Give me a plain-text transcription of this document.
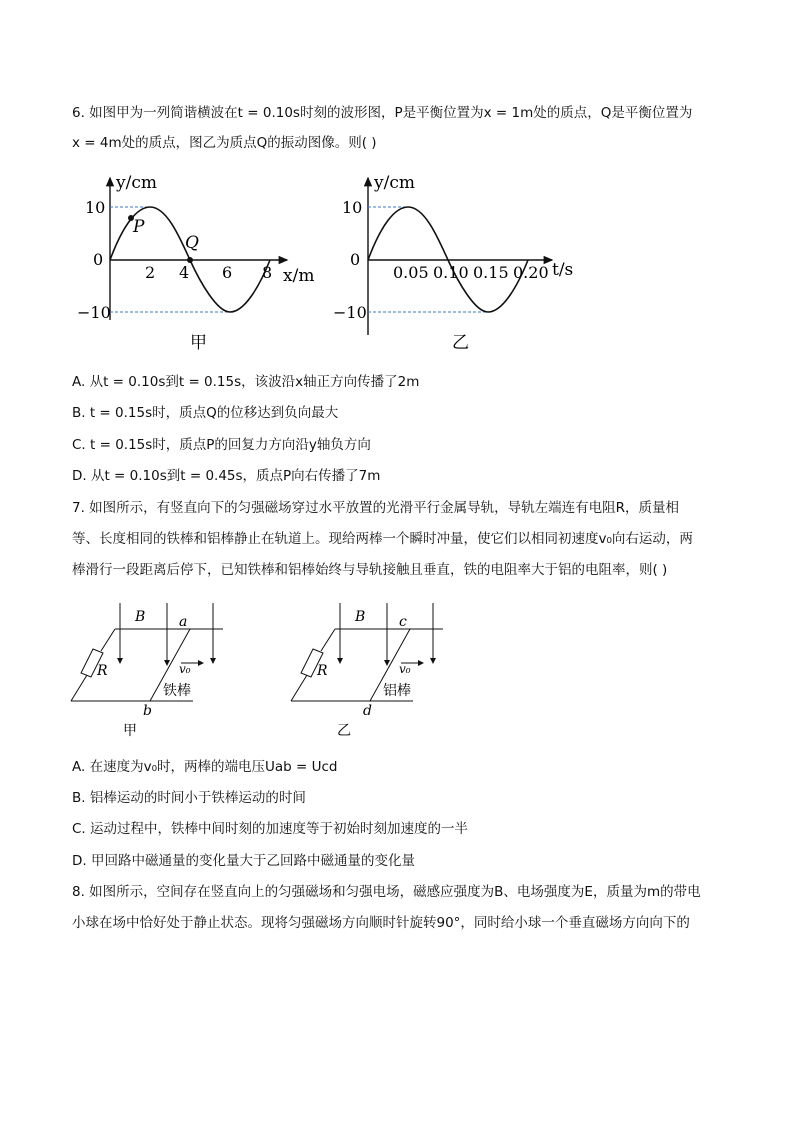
6. 如图甲为一列简谐横波在t = 0.10s时刻的波形图，P是平衡位置为x = 1m处的质点，Q是平衡位置为
x = 4m处的质点，图乙为质点Q的振动图像。则( )
P
Q
y/cm
x/m
10
0
−10
2 4 6 8
甲
y/cm
t/s
10
0
−10
0.05 0.10 0.15 0.20
乙
A. 从t = 0.10s到t = 0.15s，该波沿x轴正方向传播了2m
B. t = 0.15s时，质点Q的位移达到负向最大
C. t = 0.15s时，质点P的回复力方向沿y轴负方向
D. 从t = 0.10s到t = 0.45s，质点P向右传播了7m
7. 如图所示，有竖直向下的匀强磁场穿过水平放置的光滑平行金属导轨，导轨左端连有电阻R，质量相
等、长度相同的铁棒和铝棒静止在轨道上。现给两棒一个瞬时冲量，使它们以相同初速度v₀向右运动，两
棒滑行一段距离后停下，已知铁棒和铝棒始终与导轨接触且垂直，铁的电阻率大于铝的电阻率，则( )
B a
b
R	v₀
铁棒
甲
B c
d
R	v₀
铝棒
乙
A. 在速度为v₀时，两棒的端电压Uab = Ucd
B. 铝棒运动的时间小于铁棒运动的时间
C. 运动过程中，铁棒中间时刻的加速度等于初始时刻加速度的一半
D. 甲回路中磁通量的变化量大于乙回路中磁通量的变化量
8. 如图所示，空间存在竖直向上的匀强磁场和匀强电场，磁感应强度为B、电场强度为E，质量为m的带电
小球在场中恰好处于静止状态。现将匀强磁场方向顺时针旋转90°，同时给小球一个垂直磁场方向向下的
